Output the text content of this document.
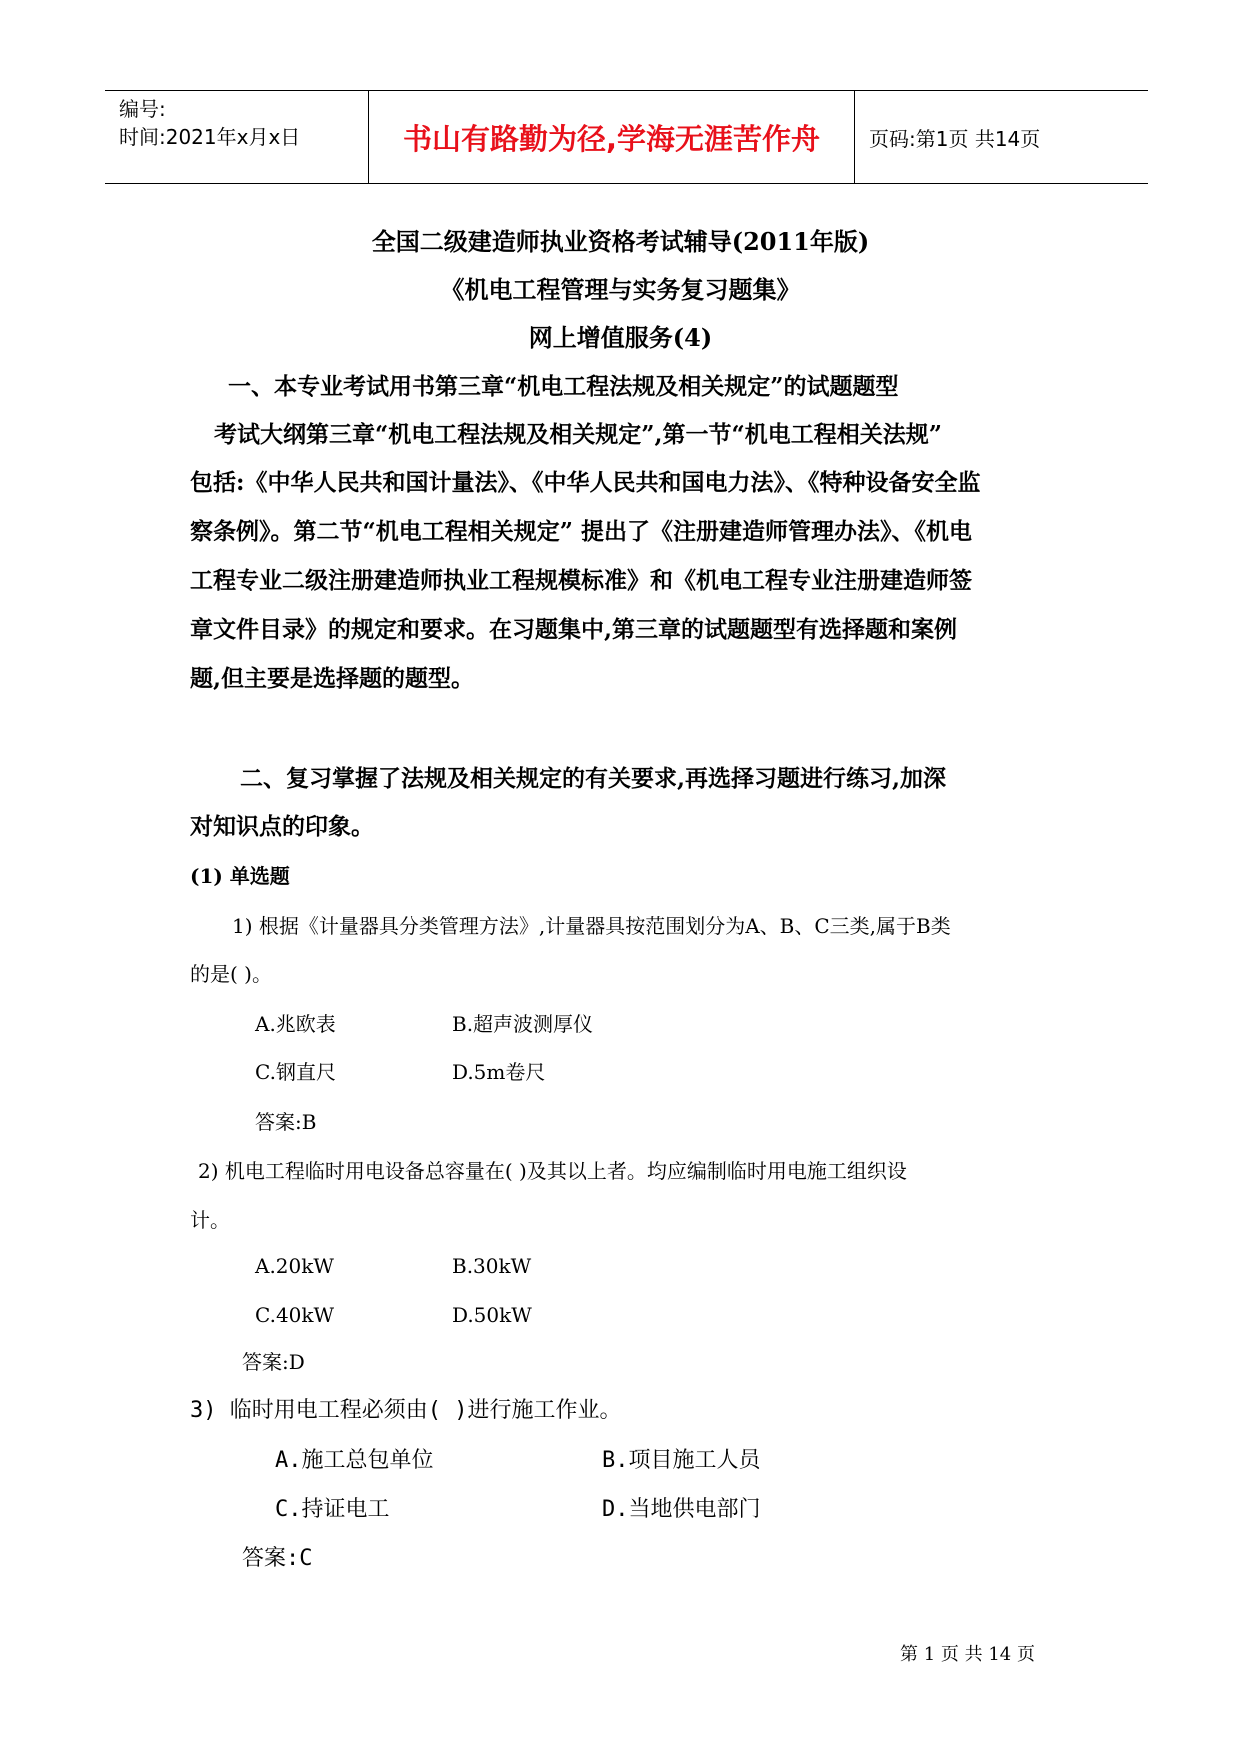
编号:
时间:2021年x月x日	书山有路勤为径,学海无涯苦作舟	页码:第1页 共14页
全国二级建造师执业资格考试辅导(2011年版)
《机电工程管理与实务复习题集》
网上增值服务(4)
一、本专业考试用书第三章“机电工程法规及相关规定”的试题题型
考试大纲第三章“机电工程法规及相关规定”,第一节“机电工程相关法规”
包括:《中华人民共和国计量法》、《中华人民共和国电力法》、《特种设备安全监
察条例》。第二节“机电工程相关规定” 提出了《注册建造师管理办法》、《机电
工程专业二级注册建造师执业工程规模标准》和《机电工程专业注册建造师签
章文件目录》的规定和要求。在习题集中,第三章的试题题型有选择题和案例
题,但主要是选择题的题型。
二、复习掌握了法规及相关规定的有关要求,再选择习题进行练习,加深
对知识点的印象。
(1) 单选题
1) 根据《计量器具分类管理方法》,计量器具按范围划分为A、B、C三类,属于B类
的是( )。
A.兆欧表	B.超声波测厚仪
C.钢直尺	D.5m卷尺
答案:B
2) 机电工程临时用电设备总容量在( )及其以上者。均应编制临时用电施工组织设
计。
A.20kW	B.30kW
C.40kW	D.50kW
答案:D
3) 临时用电工程必须由( )进行施工作业。
A.施工总包单位	B.项目施工人员
C.持证电工	D.当地供电部门
答案:C
第 1 页 共 14 页
